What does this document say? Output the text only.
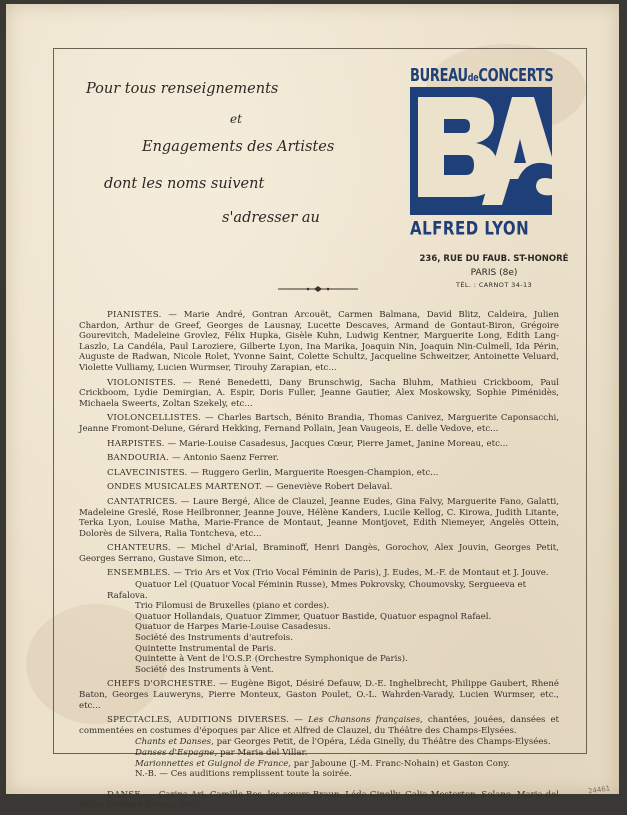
Pour tous renseignements
et
Engagements des Artistes
dont les noms suivent
s'adresser au
BUREAUdeCONCERTS
ALFRED LYON
236, RUE DU FAUB. ST-HONORÉ
PARIS (8e)
TÉL. : CARNOT 34-13
PIANISTES. — Marie André, Gontran Arcouët, Carmen Balmana, David Blitz, Caldeira, Julien Chardon, Arthur de Greef, Georges de Lausnay, Lucette Descaves, Armand de Gontaut-Biron, Grégoire Gourevitch, Madeleine Grovlez, Félix Hupka, Gisèle Kuhn, Ludwig Kentner, Marguerite Long, Edith Lang-Laszlo, La Candéla, Paul Laroziere, Gilberte Lyon, Ina Marika, Joaquin Nin, Joaquin Nin-Culmell, Ida Périn, Auguste de Radwan, Nicole Rolet, Yvonne Saint, Colette Schultz, Jacqueline Schweitzer, Antoinette Veluard, Violette Vulliamy, Lucien Wurmser, Tirouhy Zarapian, etc...
VIOLONISTES. — René Benedetti, Dany Brunschwig, Sacha Bluhm, Mathieu Crickboom, Paul Crickboom, Lydie Demirgian, A. Espir, Doris Fuller, Jeanne Gautier, Alex Moskowsky, Sophie Piménidès, Michaela Sweerts, Zoltan Szekely, etc...
VIOLONCELLISTES. — Charles Bartsch, Bénito Brandia, Thomas Canivez, Marguerite Caponsacchi, Jeanne Fromont-Delune, Gérard Hekking, Fernand Pollain, Jean Vaugeois, E. delle Vedove, etc...
HARPISTES. — Marie-Louise Casadesus, Jacques Cœur, Pierre Jamet, Janine Moreau, etc...
BANDOURIA. — Antonio Saenz Ferrer.
CLAVECINISTES. — Ruggero Gerlin, Marguerite Roesgen-Champion, etc...
ONDES MUSICALES MARTENOT. — Geneviève Robert Delaval.
CANTATRICES. — Laure Bergé, Alice de Clauzel, Jeanne Eudes, Gina Falvy, Marguerite Fano, Galatti, Madeleine Greslé, Rose Heilbronner, Jeanne Jouve, Hélène Kanders, Lucile Kellog, C. Kirowa, Judith Litante, Terka Lyon, Louise Matha, Marie-France de Montaut, Jeanne Montjovet, Edith Niemeyer, Angelès Ottein, Dolorès de Silvera, Ralia Tontcheva, etc...
CHANTEURS. — Michel d'Arial, Braminoff, Henri Dangès, Gorochov, Alex Jouvin, Georges Petit, Georges Serrano, Gustave Simon, etc...
ENSEMBLES. — Trio Ars et Vox (Trio Vocal Féminin de Paris), J. Eudes, M.-F. de Montaut et J. Jouve.
Quatuor Lel (Quatuor Vocal Féminin Russe), Mmes Pokrovsky, Choumovsky, Sergueeva et Rafalova.
Trio Filomusi de Bruxelles (piano et cordes).
Quatuor Hollandais, Quatuor Zimmer, Quatuor Bastide, Quatuor espagnol Rafael.
Quatuor de Harpes Marie-Louise Casadesus.
Société des Instruments d'autrefois.
Quintette Instrumental de Paris.
Quintette à Vent de l'O.S.P. (Orchestre Symphonique de Paris).
Société des Instruments à Vent.
CHEFS D'ORCHESTRE. — Eugène Bigot, Désiré Defauw, D.-E. Inghelbrecht, Philippe Gaubert, Rhené Baton, Georges Lauweryns, Pierre Monteux, Gaston Poulet, O.-L. Wahrden-Varady, Lucien Wurmser, etc., etc...
SPECTACLES, AUDITIONS DIVERSES. — Les Chansons françaises, chantées, jouées, dansées et commentées en costumes d'époques par Alice et Alfred de Clauzel, du Théâtre des Champs-Elysées.
Chants et Danses, par Georges Petit, de l'Opéra, Léda Ginelly, du Théâtre des Champs-Elysées.
Danses d'Espagne, par Maria del Villar.
Marionnettes et Guignol de France, par Jabounе (J.-M. Franc-Nohain) et Gaston Cony.
N.-B. — Ces auditions remplissent toute la soirée.
DANSE. — Carina Ari, Camille Bos, les sœurs Braun, Léda Ginelly, Galia Mesterton, Solane, Maria del Villar, Gustave Ricaux, etc...
24461
